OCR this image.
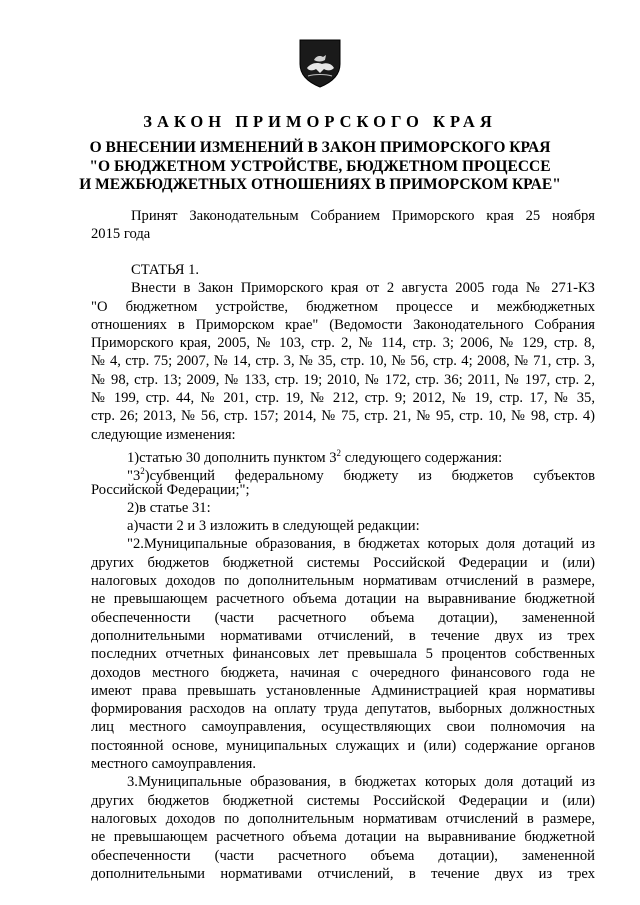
ЗАКОН ПРИМОРСКОГО КРАЯ
О ВНЕСЕНИИ ИЗМЕНЕНИЙ В ЗАКОН ПРИМОРСКОГО КРАЯ
"О БЮДЖЕТНОМ УСТРОЙСТВЕ, БЮДЖЕТНОМ ПРОЦЕССЕ
И МЕЖБЮДЖЕТНЫХ ОТНОШЕНИЯХ В ПРИМОРСКОМ КРАЕ"
Принят Законодательным Собранием Приморского края 25 ноября
2015 года
СТАТЬЯ 1.
Внести в Закон Приморского края от 2 августа 2005 года № 271-КЗ
"О бюджетном устройстве, бюджетном процессе и межбюджетных
отношениях в Приморском крае" (Ведомости Законодательного Собрания
Приморского края, 2005, № 103, стр. 2, № 114, стр. 3; 2006, № 129, стр. 8,
№ 4, стр. 75; 2007, № 14, стр. 3, № 35, стр. 10, № 56, стр. 4; 2008, № 71, стр. 3,
№ 98, стр. 13; 2009, № 133, стр. 19; 2010, № 172, стр. 36; 2011, № 197, стр. 2,
№ 199, стр. 44, № 201, стр. 19, № 212, стр. 9; 2012, № 19, стр. 17, № 35,
стр. 26; 2013, № 56, стр. 157; 2014, № 75, стр. 21, № 95, стр. 10, № 98, стр. 4)
следующие изменения:
1)статью 30 дополнить пунктом $3^2$ следующего содержания:
"$3^2)субвенций$ федеральному бюджету из бюджетов субъектов
Российской Федерации;";
2)в статье 31:
а)части 2 и 3 изложить в следующей редакции:
"2.Муниципальные образования, в бюджетах которых доля дотаций из
других бюджетов бюджетной системы Российской Федерации и (или)
налоговых доходов по дополнительным нормативам отчислений в размере,
не превышающем расчетного объема дотации на выравнивание бюджетной
обеспеченности (части расчетного объема дотации), замененной
дополнительными нормативами отчислений, в течение двух из трех
последних отчетных финансовых лет превышала 5 процентов собственных
доходов местного бюджета, начиная с очередного финансового года не
имеют права превышать установленные Администрацией края нормативы
формирования расходов на оплату труда депутатов, выборных должностных
лиц местного самоуправления, осуществляющих свои полномочия на
постоянной основе, муниципальных служащих и (или) содержание органов
местного самоуправления.
3.Муниципальные образования, в бюджетах которых доля дотаций из
других бюджетов бюджетной системы Российской Федерации и (или)
налоговых доходов по дополнительным нормативам отчислений в размере,
не превышающем расчетного объема дотации на выравнивание бюджетной
обеспеченности (части расчетного объема дотации), замененной
дополнительными нормативами отчислений, в течение двух из трех
